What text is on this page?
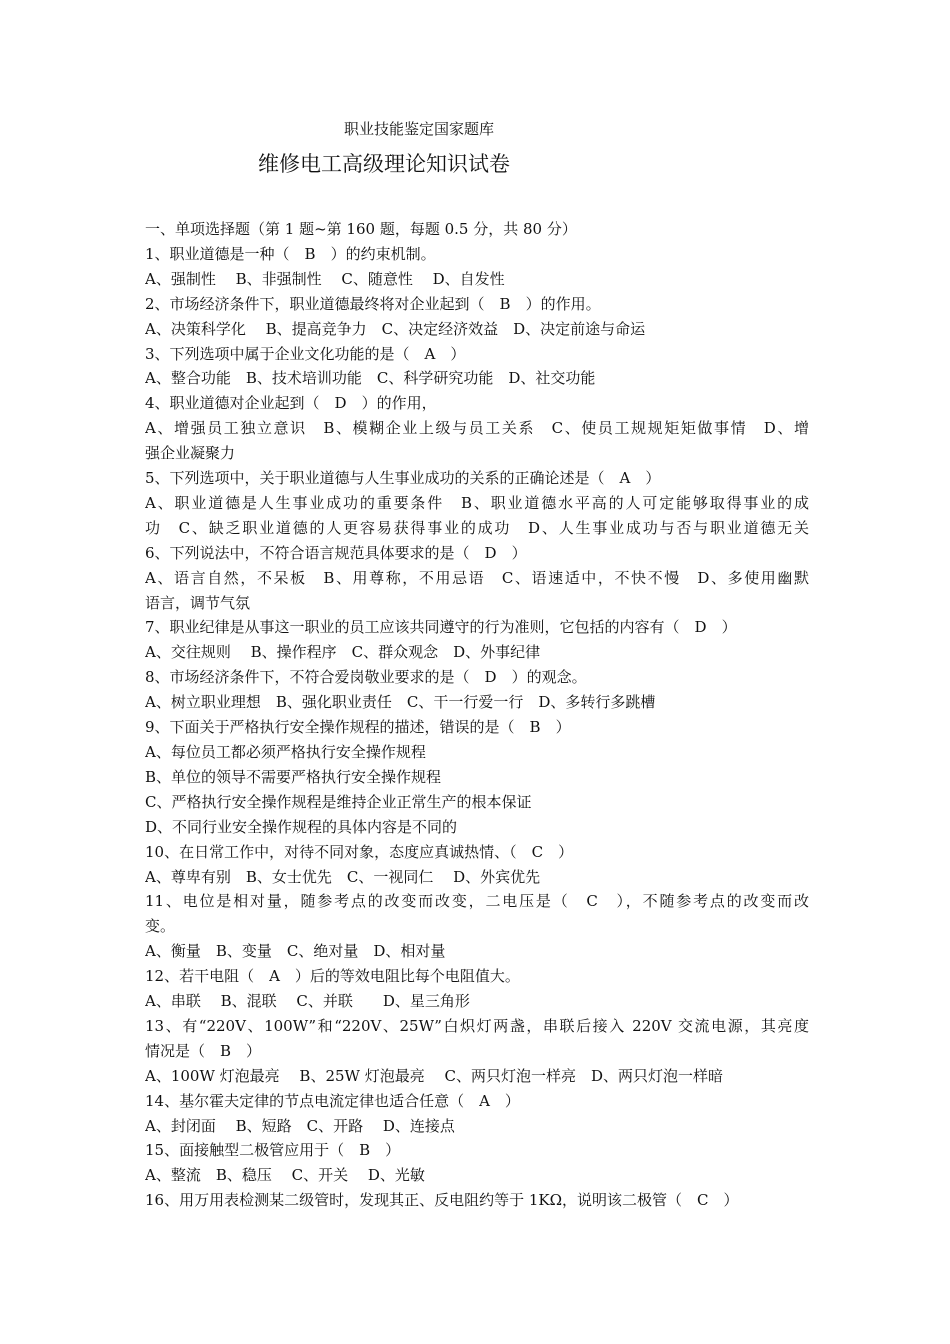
职业技能鉴定国家题库
维修电工高级理论知识试卷
一、单项选择题（第 1 题~第 160 题，每题 0.5 分，共 80 分）
1、职业道德是一种（　B　）的约束机制。
A、强制性　 B、非强制性　 C、随意性　 D、自发性
2、市场经济条件下，职业道德最终将对企业起到（　B　）的作用。
A、决策科学化　 B、提高竞争力　C、决定经济效益　D、决定前途与命运
3、下列选项中属于企业文化功能的是（　A　）
A、整合功能　B、技术培训功能　C、科学研究功能　D、社交功能
4、职业道德对企业起到（　D　）的作用，
A、增强员工独立意识　B、模糊企业上级与员工关系　C、使员工规规矩矩做事情　D、增
强企业凝聚力
5、下列选项中，关于职业道德与人生事业成功的关系的正确论述是（　A　）
A、职业道德是人生事业成功的重要条件　B、职业道德水平高的人可定能够取得事业的成
功　C、缺乏职业道德的人更容易获得事业的成功　D、人生事业成功与否与职业道德无关
6、下列说法中，不符合语言规范具体要求的是（　D　）
A、语言自然，不呆板　B、用尊称，不用忌语　C、语速适中，不快不慢　D、多使用幽默
语言，调节气氛
7、职业纪律是从事这一职业的员工应该共同遵守的行为准则，它包括的内容有（　D　）
A、交往规则　 B、操作程序　C、群众观念　D、外事纪律
8、市场经济条件下，不符合爱岗敬业要求的是（　D　）的观念。
A、树立职业理想　B、强化职业责任　C、干一行爱一行　D、多转行多跳槽
9、下面关于严格执行安全操作规程的描述，错误的是（　B　）
A、每位员工都必须严格执行安全操作规程
B、单位的领导不需要严格执行安全操作规程
C、严格执行安全操作规程是维持企业正常生产的根本保证
D、不同行业安全操作规程的具体内容是不同的
10、在日常工作中，对待不同对象，态度应真诚热情、（　C　）
A、尊卑有别　B、女士优先　C、一视同仁　 D、外宾优先
11、电位是相对量，随参考点的改变而改变，二电压是（　C　），不随参考点的改变而改
变。
A、衡量　B、变量　C、绝对量　D、相对量
12、若干电阻（　A　）后的等效电阻比每个电阻值大。
A、串联　 B、混联　 C、并联　　D、星三角形
13、有“220V、100W”和“220V、25W”白炽灯两盏，串联后接入 220V 交流电源，其亮度
情况是（　B　）
A、100W 灯泡最亮　 B、25W 灯泡最亮　 C、两只灯泡一样亮　D、两只灯泡一样暗
14、基尔霍夫定律的节点电流定律也适合任意（　A　）
A、封闭面　 B、短路　C、开路　 D、连接点
15、面接触型二极管应用于（　B　）
A、整流　B、稳压　 C、开关　 D、光敏
16、用万用表检测某二级管时，发现其正、反电阻约等于 1KΩ，说明该二极管（　C　）
